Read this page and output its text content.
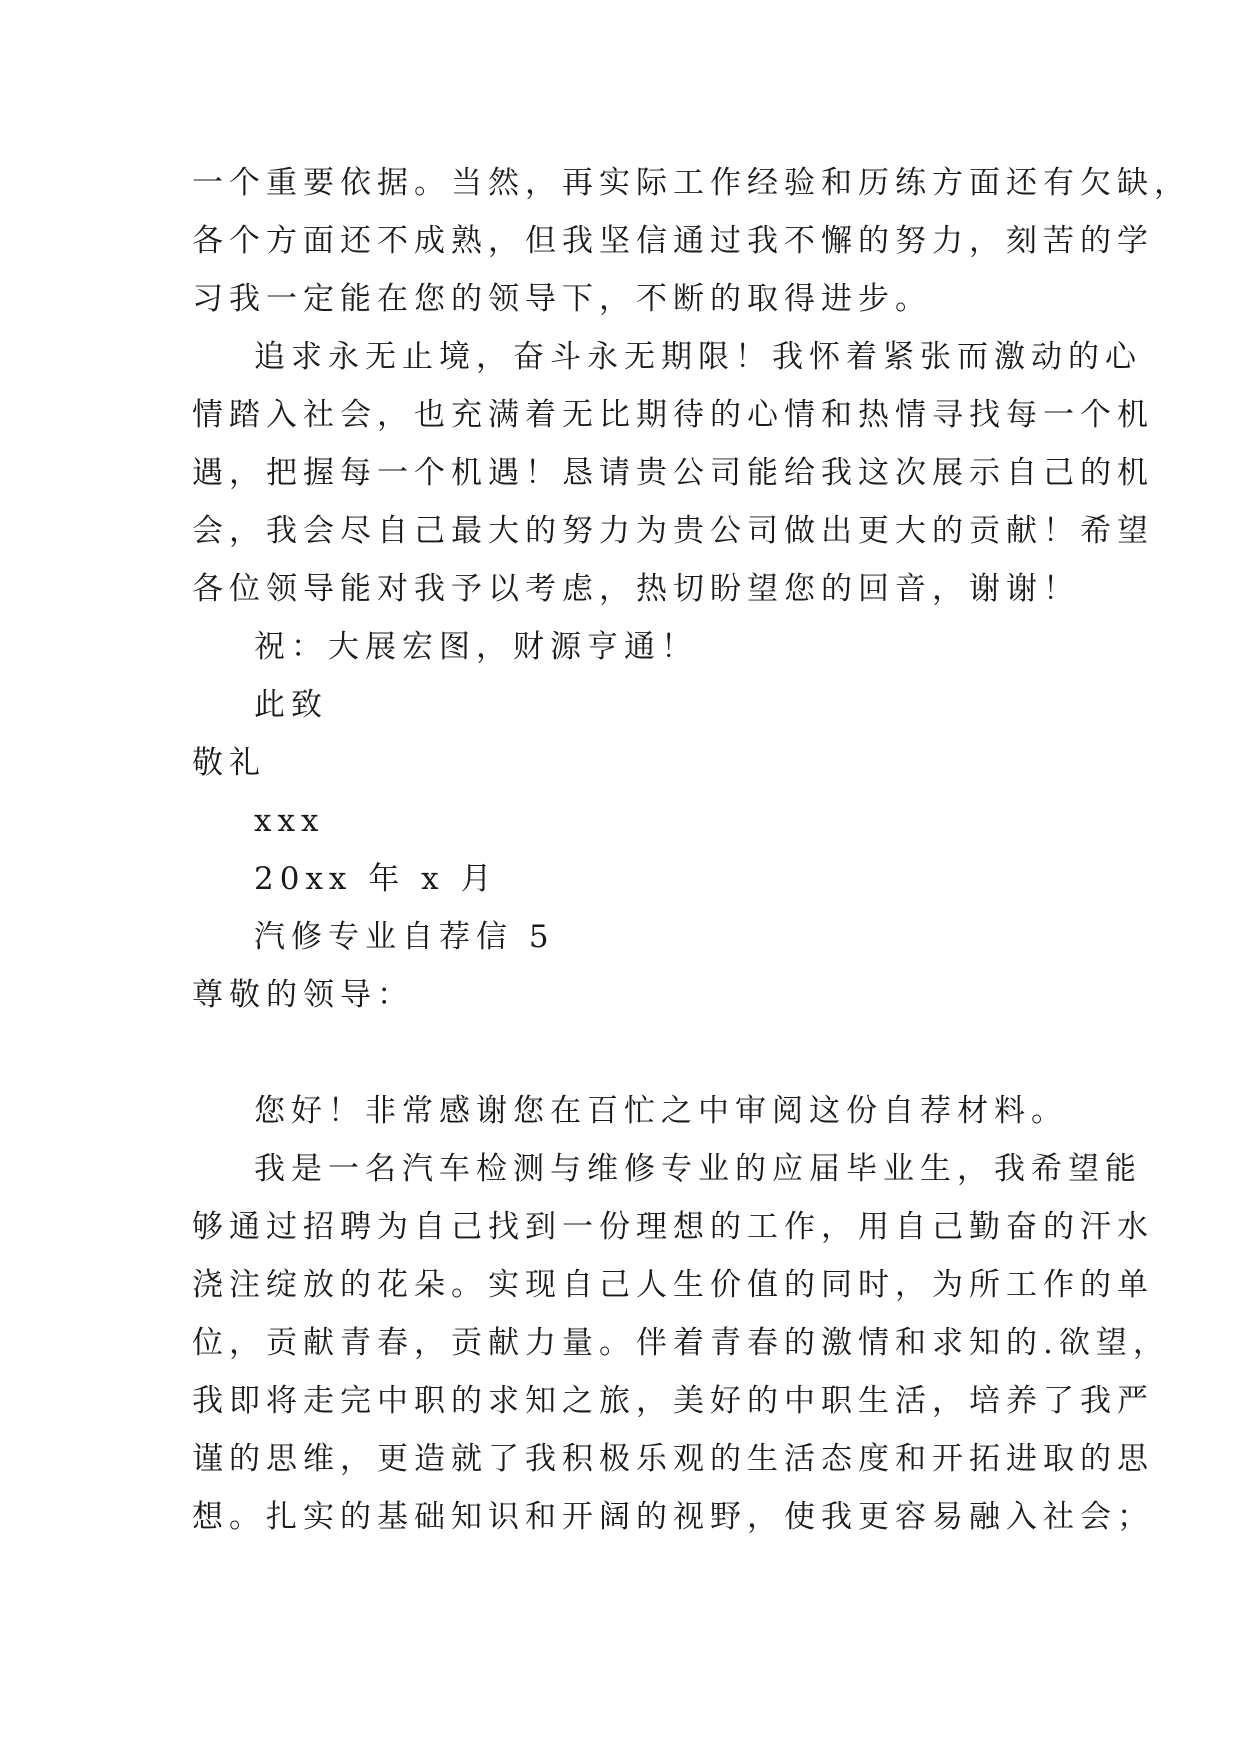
一个重要依据。当然，再实际工作经验和历练方面还有欠缺，
各个方面还不成熟，但我坚信通过我不懈的努力，刻苦的学
习我一定能在您的领导下，不断的取得进步。
追求永无止境，奋斗永无期限！我怀着紧张而激动的心
情踏入社会，也充满着无比期待的心情和热情寻找每一个机
遇，把握每一个机遇！恳请贵公司能给我这次展示自己的机
会，我会尽自己最大的努力为贵公司做出更大的贡献！希望
各位领导能对我予以考虑，热切盼望您的回音，谢谢！
祝：大展宏图，财源亨通！
此致
敬礼
xxx
20xx 年 x 月
汽修专业自荐信 5
尊敬的领导：
您好！非常感谢您在百忙之中审阅这份自荐材料。
我是一名汽车检测与维修专业的应届毕业生，我希望能
够通过招聘为自己找到一份理想的工作，用自己勤奋的汗水
浇注绽放的花朵。实现自己人生价值的同时，为所工作的单
位，贡献青春，贡献力量。伴着青春的激情和求知的.欲望，
我即将走完中职的求知之旅，美好的中职生活，培养了我严
谨的思维，更造就了我积极乐观的生活态度和开拓进取的思
想。扎实的基础知识和开阔的视野，使我更容易融入社会；
